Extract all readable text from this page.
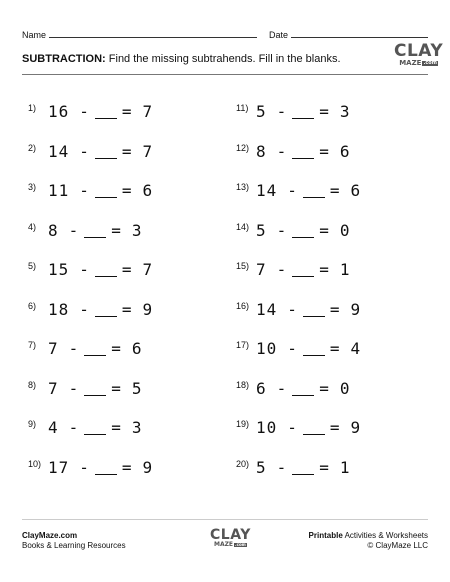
Name	Date
SUBTRACTION: Find the missing subtrahends. Fill in the blanks.	CLAY
MAZE .com
1) 16 - = 7
2) 14 - = 7
3) 11 - = 6
4) 8 - = 3
5) 15 - = 7
6) 18 - = 9
7) 7 - = 6
8) 7 - = 5
9) 4 - = 3
10) 17 - = 9
11) 5 - = 3
12) 8 - = 6
13) 14 - = 6
14) 5 - = 0
15) 7 - = 1
16) 14 - = 9
17) 10 - = 4
18) 6 - = 0
19) 10 - = 9
20) 5 - = 1
ClayMaze.com
Books & Learning Resources
CLAY
MAZE .com
Printable Activities & Worksheets
© ClayMaze LLC
